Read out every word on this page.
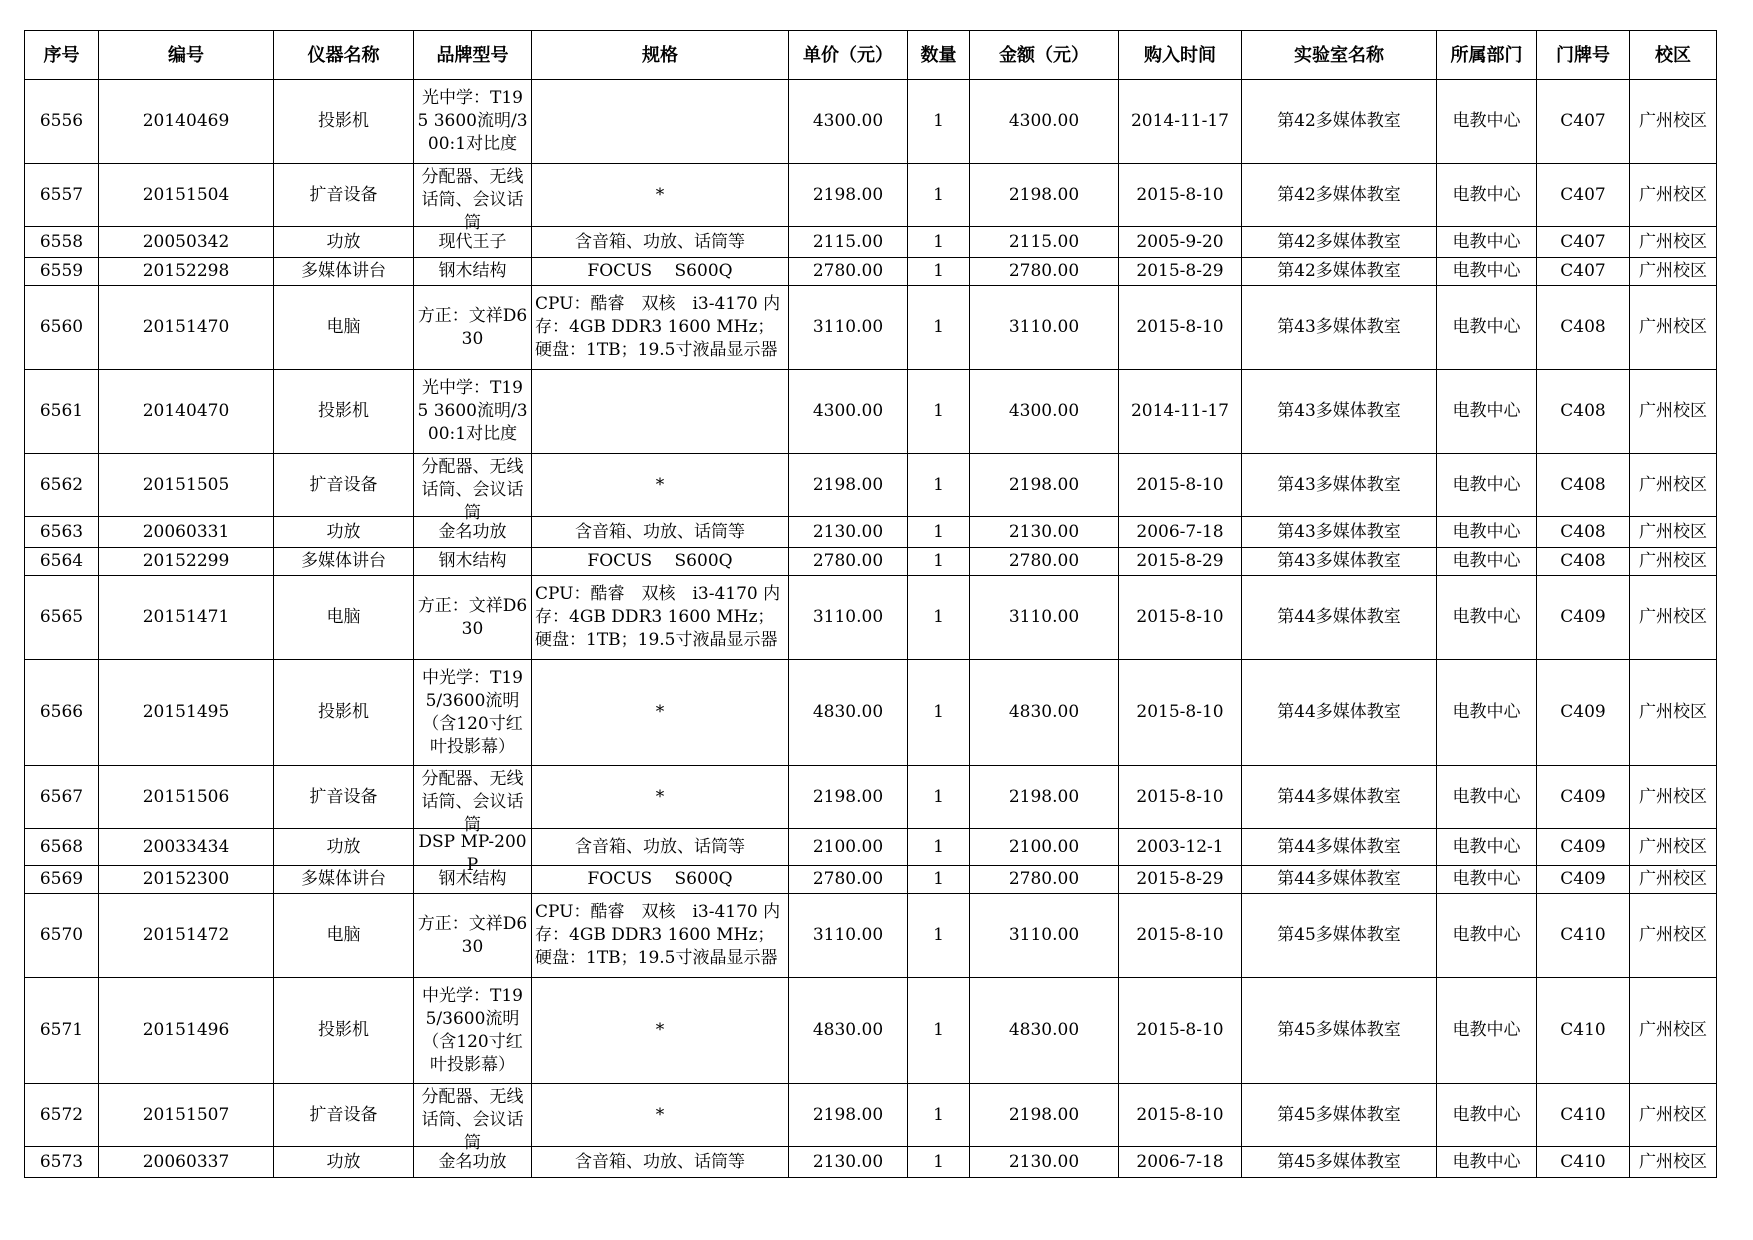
序号	编号	仪器名称	品牌型号	规格	单价（元）	数量	金额（元）	购入时间	实验室名称	所属部门	门牌号	校区

6556	20140469	投影机	光中学：T195 3600流明/300:1对比度		4300.00	1	4300.00	2014-11-17	第42多媒体教室	电教中心	C407	广州校区

6557	20151504	扩音设备	分配器、无线话筒、会议话筒	*	2198.00	1	2198.00	2015-8-10	第42多媒体教室	电教中心	C407	广州校区

6558	20050342	功放	现代王子	含音箱、功放、话筒等	2115.00	1	2115.00	2005-9-20	第42多媒体教室	电教中心	C407	广州校区

6559	20152298	多媒体讲台	钢木结构	FOCUS　 S600Q	2780.00	1	2780.00	2015-8-29	第42多媒体教室	电教中心	C407	广州校区

6560	20151470	电脑	方正：文祥D630	CPU：酷睿　双核　i3-4170 内存：4GB DDR3 1600 MHz； 硬盘：1TB；19.5寸液晶显示器	3110.00	1	3110.00	2015-8-10	第43多媒体教室	电教中心	C408	广州校区

6561	20140470	投影机	光中学：T195 3600流明/300:1对比度		4300.00	1	4300.00	2014-11-17	第43多媒体教室	电教中心	C408	广州校区

6562	20151505	扩音设备	分配器、无线话筒、会议话筒	*	2198.00	1	2198.00	2015-8-10	第43多媒体教室	电教中心	C408	广州校区

6563	20060331	功放	金名功放	含音箱、功放、话筒等	2130.00	1	2130.00	2006-7-18	第43多媒体教室	电教中心	C408	广州校区

6564	20152299	多媒体讲台	钢木结构	FOCUS　 S600Q	2780.00	1	2780.00	2015-8-29	第43多媒体教室	电教中心	C408	广州校区

6565	20151471	电脑	方正：文祥D630	CPU：酷睿　双核　i3-4170 内存：4GB DDR3 1600 MHz； 硬盘：1TB；19.5寸液晶显示器	3110.00	1	3110.00	2015-8-10	第44多媒体教室	电教中心	C409	广州校区

6566	20151495	投影机	中光学：T195/3600流明（含120寸红叶投影幕）	*	4830.00	1	4830.00	2015-8-10	第44多媒体教室	电教中心	C409	广州校区

6567	20151506	扩音设备	分配器、无线话筒、会议话筒	*	2198.00	1	2198.00	2015-8-10	第44多媒体教室	电教中心	C409	广州校区

6568	20033434	功放	DSP MP-200P	含音箱、功放、话筒等	2100.00	1	2100.00	2003-12-1	第44多媒体教室	电教中心	C409	广州校区

6569	20152300	多媒体讲台	钢木结构	FOCUS　 S600Q	2780.00	1	2780.00	2015-8-29	第44多媒体教室	电教中心	C409	广州校区

6570	20151472	电脑	方正：文祥D630	CPU：酷睿　双核　i3-4170 内存：4GB DDR3 1600 MHz； 硬盘：1TB；19.5寸液晶显示器	3110.00	1	3110.00	2015-8-10	第45多媒体教室	电教中心	C410	广州校区

6571	20151496	投影机	中光学：T195/3600流明（含120寸红叶投影幕）	*	4830.00	1	4830.00	2015-8-10	第45多媒体教室	电教中心	C410	广州校区

6572	20151507	扩音设备	分配器、无线话筒、会议话筒	*	2198.00	1	2198.00	2015-8-10	第45多媒体教室	电教中心	C410	广州校区

6573	20060337	功放	金名功放	含音箱、功放、话筒等	2130.00	1	2130.00	2006-7-18	第45多媒体教室	电教中心	C410	广州校区
